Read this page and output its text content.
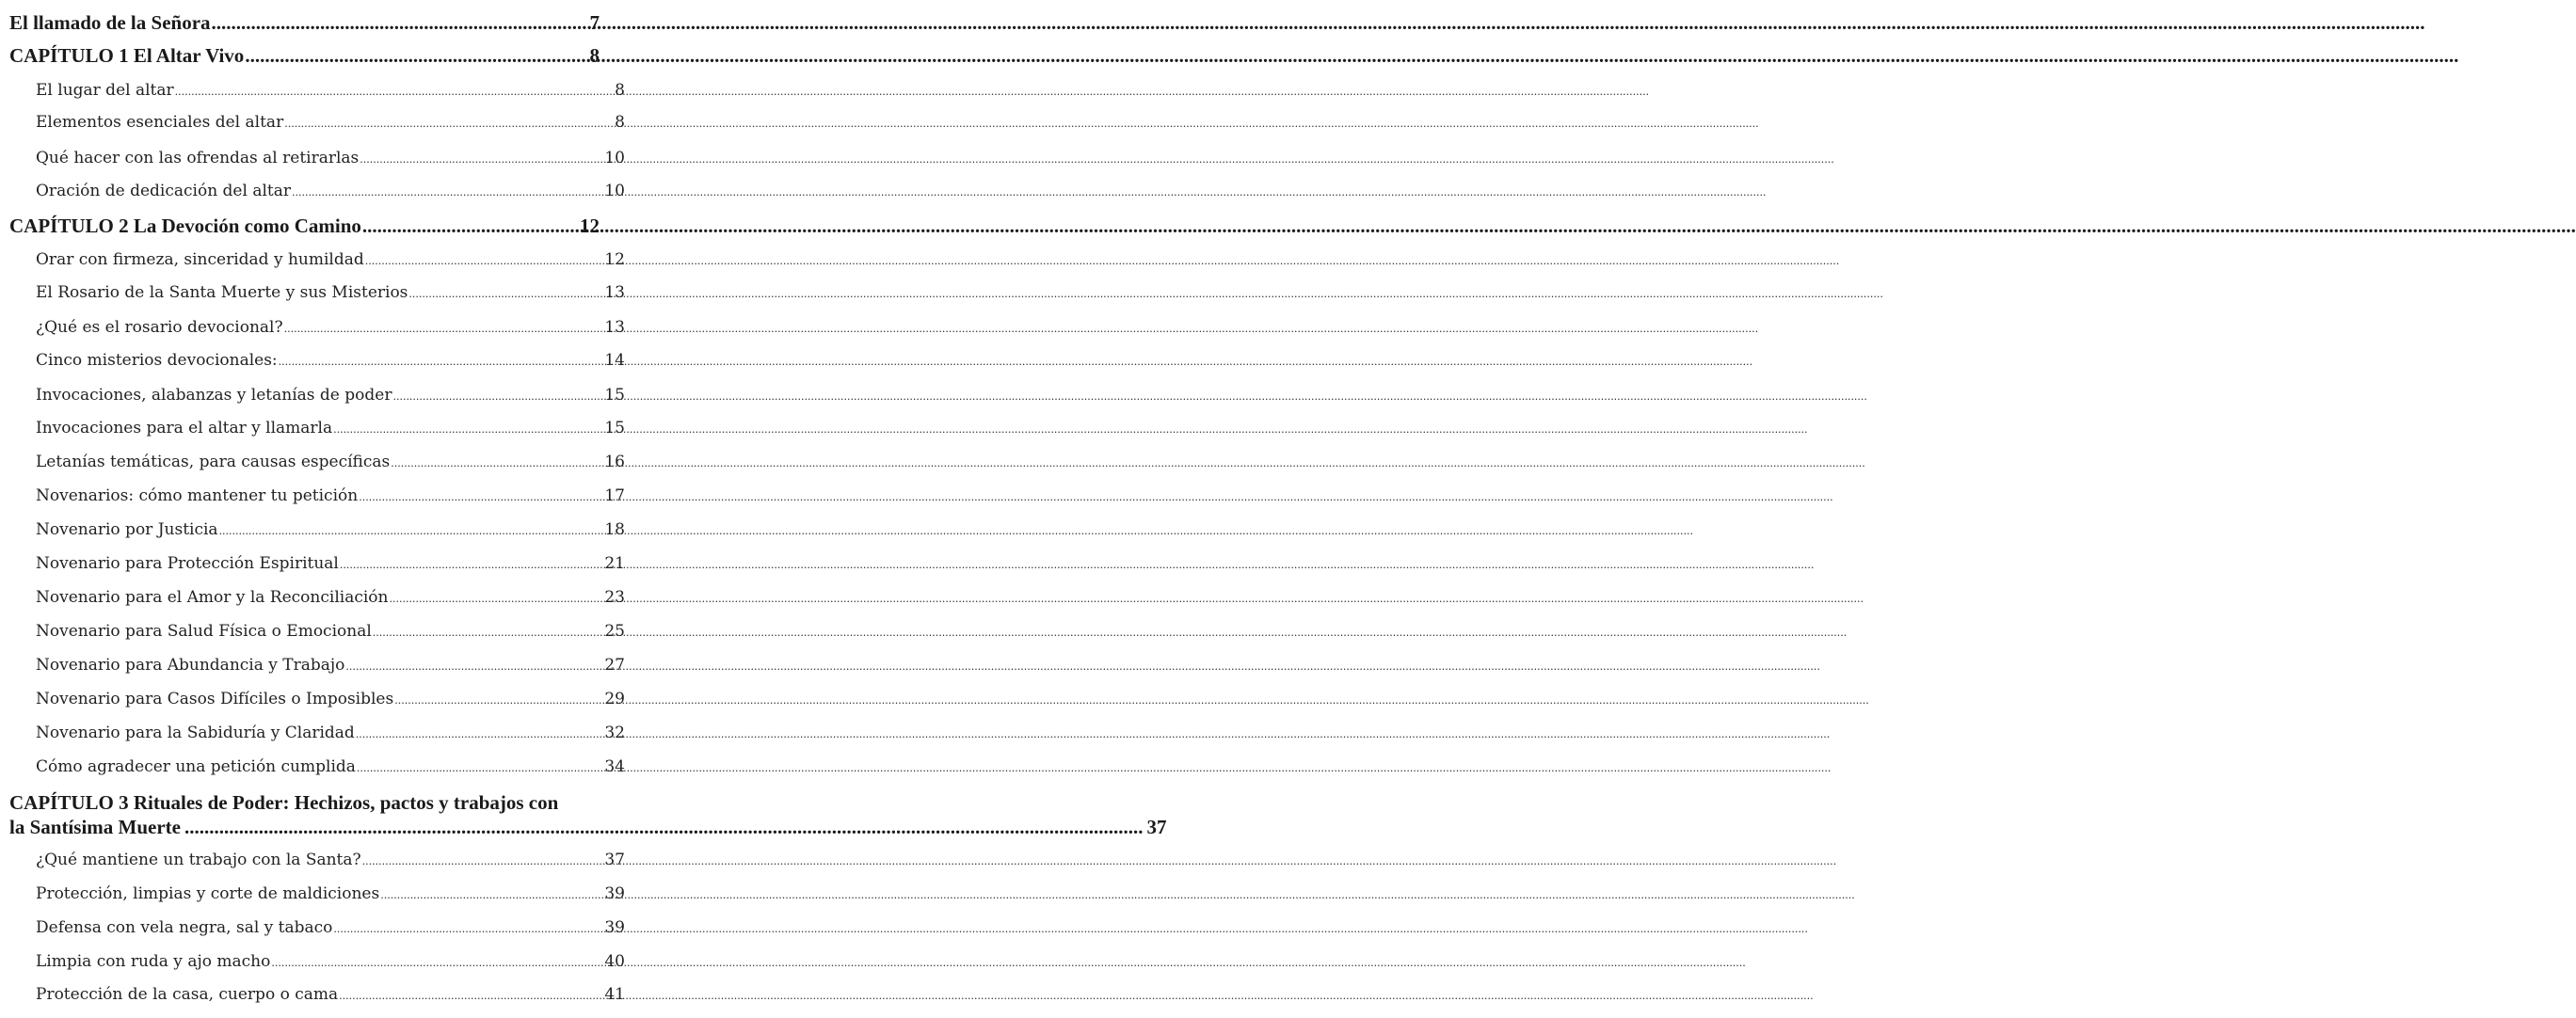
El llamado de la Señora .....	7
CAPÍTULO 1 El Altar Vivo .....	8
El lugar del altar .....	8
Elementos esenciales del altar .....	8
Qué hacer con las ofrendas al retirarlas .....	10
Oración de dedicación del altar .....	10
CAPÍTULO 2 La Devoción como Camino .....	12
Orar con firmeza, sinceridad y humildad .....	12
El Rosario de la Santa Muerte y sus Misterios .....	13
¿Qué es el rosario devocional? .....	13
Cinco misterios devocionales: .....	14
Invocaciones, alabanzas y letanías de poder .....	15
Invocaciones para el altar y llamarla .....	15
Letanías temáticas, para causas específicas .....	16
Novenarios: cómo mantener tu petición .....	17
Novenario por Justicia .....	18
Novenario para Protección Espiritual .....	21
Novenario para el Amor y la Reconciliación .....	23
Novenario para Salud Física o Emocional .....	25
Novenario para Abundancia y Trabajo .....	27
Novenario para Casos Difíciles o Imposibles .....	29
Novenario para la Sabiduría y Claridad .....	32
Cómo agradecer una petición cumplida .....	34
CAPÍTULO 3 Rituales de Poder: Hechizos, pactos y trabajos con
la Santísima Muerte .................................................................................................................................................................................................. 37
¿Qué mantiene un trabajo con la Santa? .....	37
Protección, limpias y corte de maldiciones .....	39
Defensa con vela negra, sal y tabaco .....	39
Limpia con ruda y ajo macho .....	40
Protección de la casa, cuerpo o cama .....	41
